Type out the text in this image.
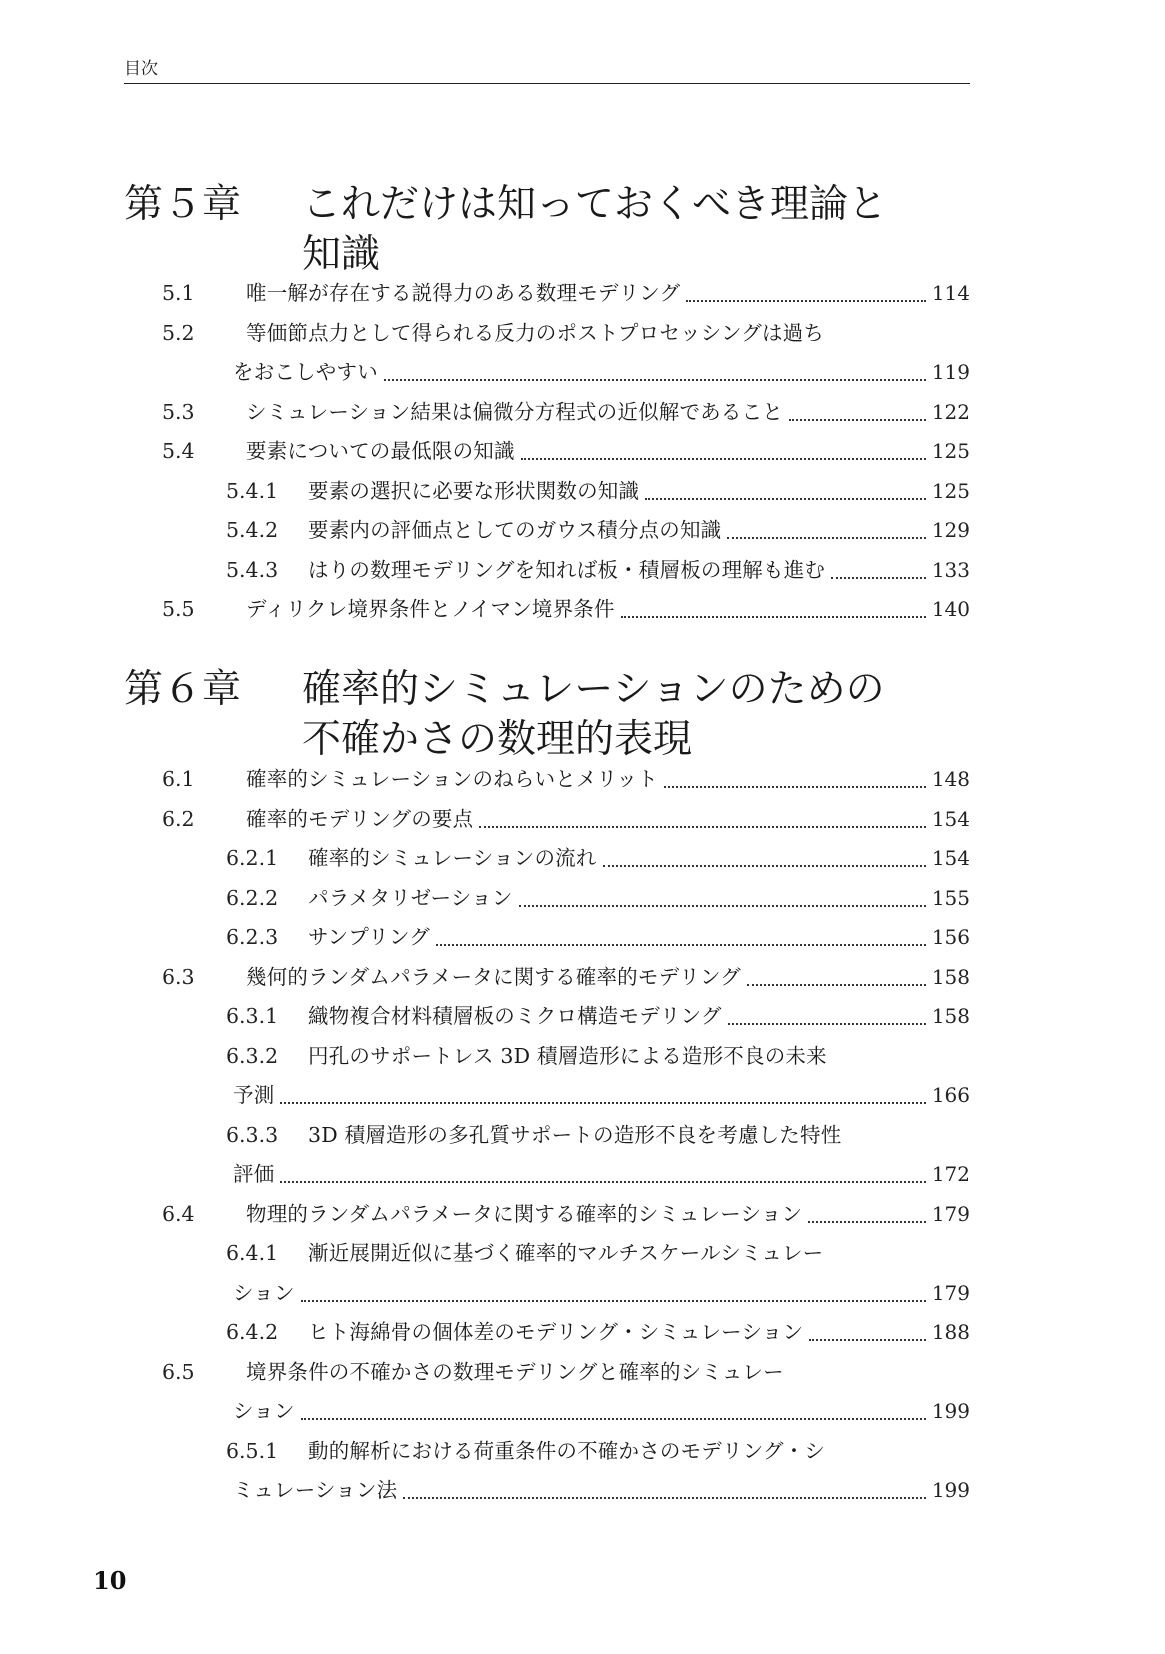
目次
第５章 これだけは知っておくべき理論と
知識
5.1	唯一解が存在する説得力のある数理モデリング	114
5.2	等価節点力として得られる反力のポストプロセッシングは過ち
をおこしやすい	119
5.3	シミュレーション結果は偏微分方程式の近似解であること	122
5.4	要素についての最低限の知識	125
5.4.1 要素の選択に必要な形状関数の知識	125
5.4.2 要素内の評価点としてのガウス積分点の知識	129
5.4.3 はりの数理モデリングを知れば板・積層板の理解も進む	133
5.5	ディリクレ境界条件とノイマン境界条件	140
第６章 確率的シミュレーションのための
不確かさの数理的表現
6.1	確率的シミュレーションのねらいとメリット	148
6.2	確率的モデリングの要点	154
6.2.1 確率的シミュレーションの流れ	154
6.2.2 パラメタリゼーション	155
6.2.3 サンプリング	156
6.3	幾何的ランダムパラメータに関する確率的モデリング	158
6.3.1 織物複合材料積層板のミクロ構造モデリング	158
6.3.2 円孔のサポートレス 3D 積層造形による造形不良の未来
予測	166
6.3.3 3D 積層造形の多孔質サポートの造形不良を考慮した特性
評価	172
6.4	物理的ランダムパラメータに関する確率的シミュレーション	179
6.4.1 漸近展開近似に基づく確率的マルチスケールシミュレー
ション	179
6.4.2 ヒト海綿骨の個体差のモデリング・シミュレーション	188
6.5	境界条件の不確かさの数理モデリングと確率的シミュレー
ション	199
6.5.1 動的解析における荷重条件の不確かさのモデリング・シ
ミュレーション法	199
10
